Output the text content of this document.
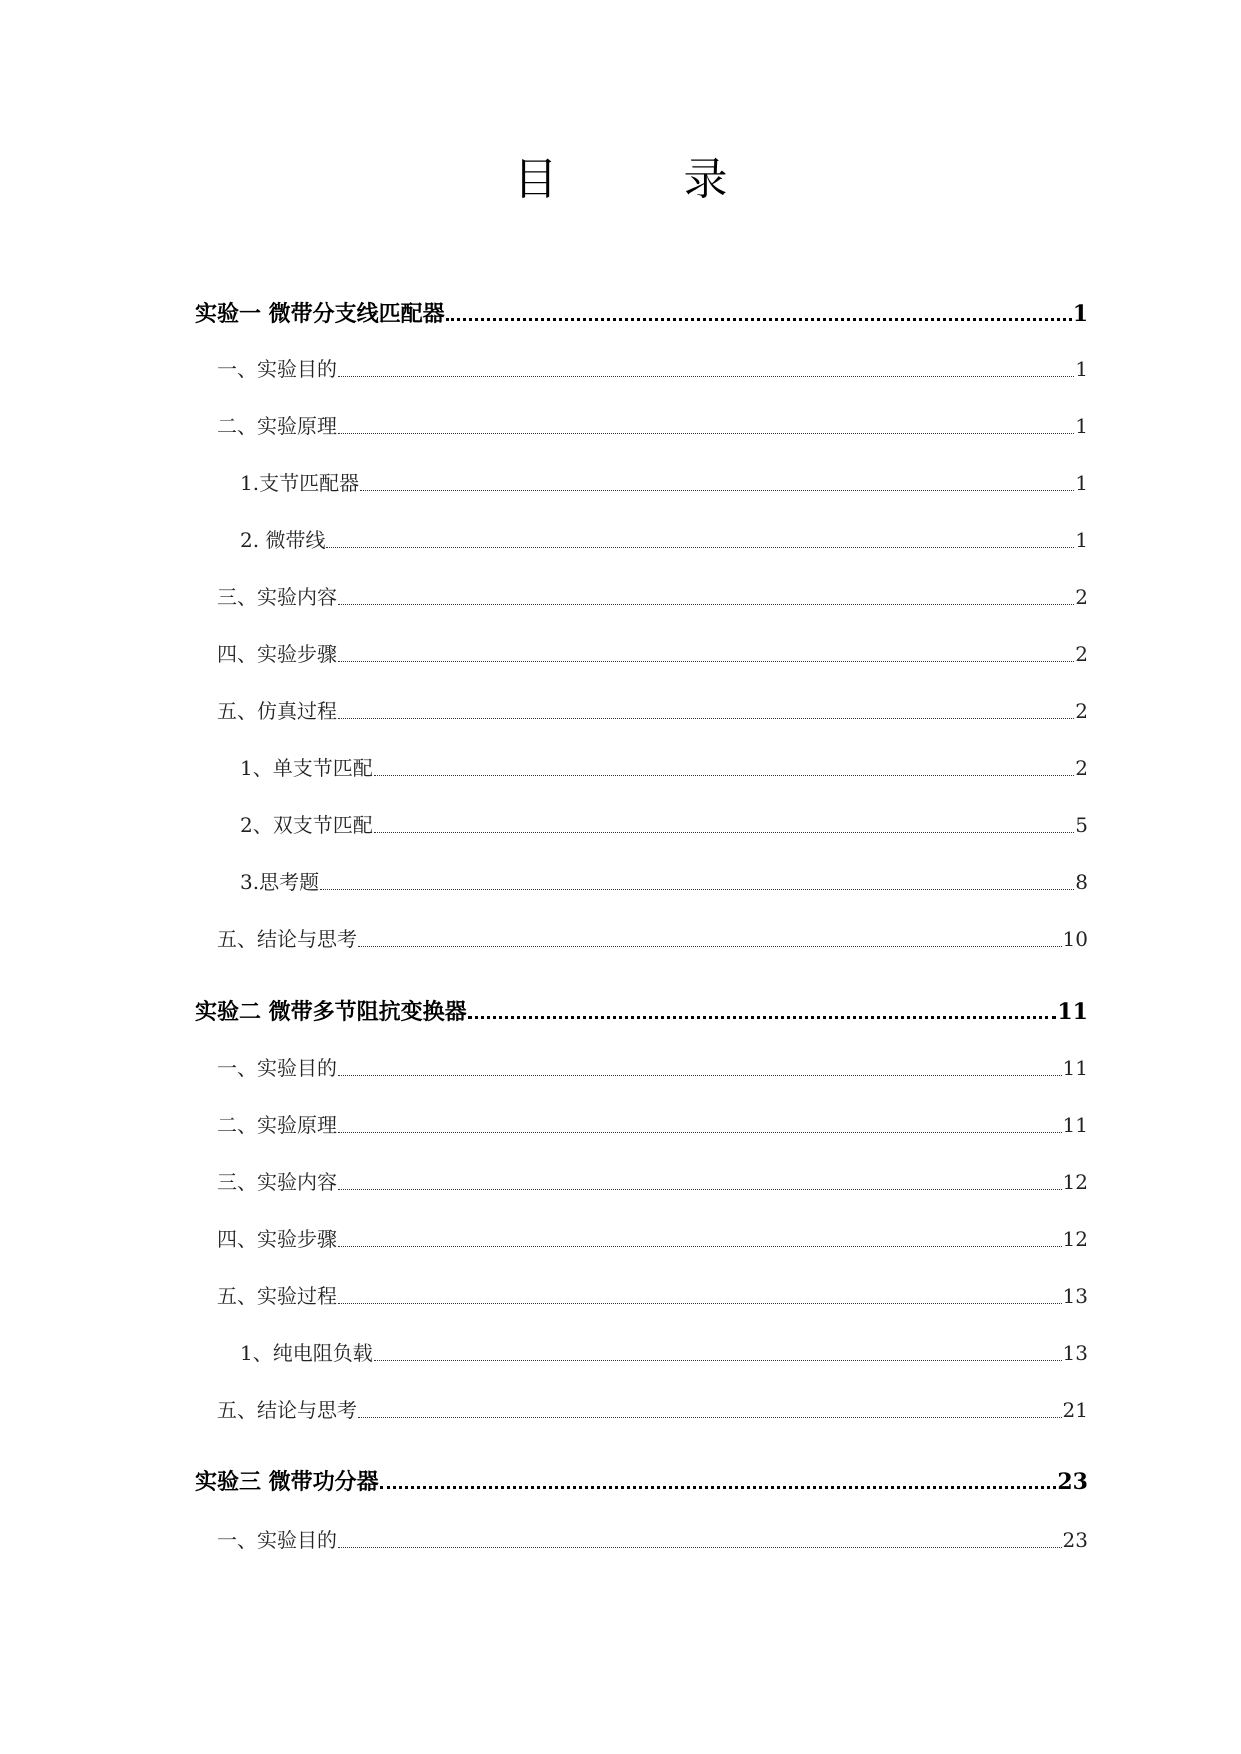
目 录
实验一 微带分支线匹配器	1
一、实验目的	1
二、实验原理	1
1.支节匹配器	1
2. 微带线	1
三、实验内容	2
四、实验步骤	2
五、仿真过程	2
1、单支节匹配	2
2、双支节匹配	5
3.思考题	8
五、结论与思考	10
实验二 微带多节阻抗变换器	11
一、实验目的	11
二、实验原理	11
三、实验内容	12
四、实验步骤	12
五、实验过程	13
1、纯电阻负载	13
五、结论与思考	21
实验三 微带功分器	23
一、实验目的	23
